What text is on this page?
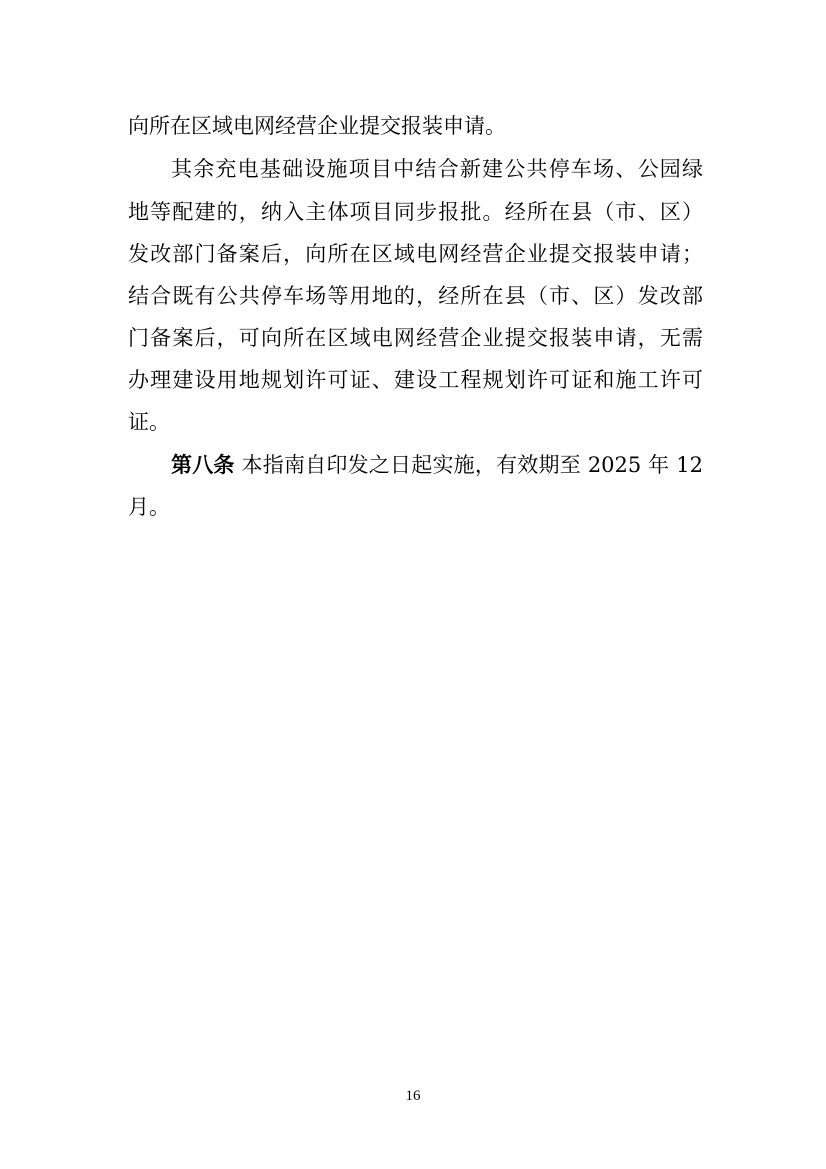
向所在区域电网经营企业提交报装申请。
其余充电基础设施项目中结合新建公共停车场、公园绿
地等配建的，纳入主体项目同步报批。经所在县（市、区）
发改部门备案后，向所在区域电网经营企业提交报装申请；
结合既有公共停车场等用地的，经所在县（市、区）发改部
门备案后，可向所在区域电网经营企业提交报装申请，无需
办理建设用地规划许可证、建设工程规划许可证和施工许可
证。
第八条 本指南自印发之日起实施，有效期至 2025 年 12
月。
16
